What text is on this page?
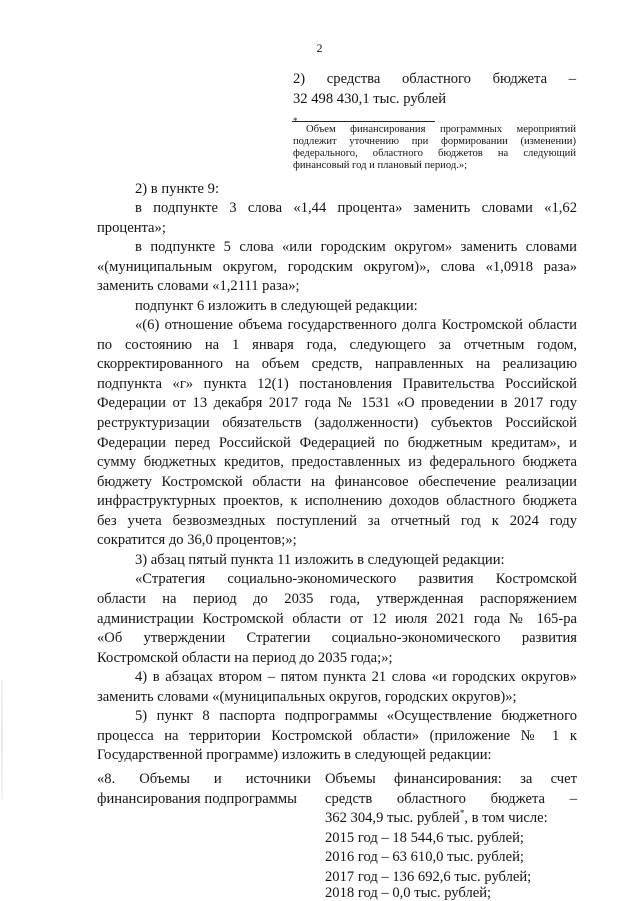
2

2) средства областного бюджета –

32 498 430,1 тыс. рублей

*

Объем финансирования программных мероприятий

подлежит уточнению при формировании (изменении)

федерального, областного бюджетов на следующий

финансовый год и плановый период.»;

2) в пункте 9:

в подпункте 3 слова «1,44 процента» заменить словами «1,62

процента»;

в подпункте 5 слова «или городским округом» заменить словами

«(муниципальным округом, городским округом)», слова «1,0918 раза»

заменить словами «1,2111 раза»;

подпункт 6 изложить в следующей редакции:

«(6) отношение объема государственного долга Костромской области

по состоянию на 1 января года, следующего за отчетным годом,

скорректированного на объем средств, направленных на реализацию

подпункта «г» пункта 12(1) постановления Правительства Российской

Федерации от 13 декабря 2017 года № 1531 «О проведении в 2017 году

реструктуризации обязательств (задолженности) субъектов Российской

Федерации перед Российской Федерацией по бюджетным кредитам», и

сумму бюджетных кредитов, предоставленных из федерального бюджета

бюджету Костромской области на финансовое обеспечение реализации

инфраструктурных проектов, к исполнению доходов областного бюджета

без учета безвозмездных поступлений за отчетный год к 2024 году

сократится до 36,0 процентов;»;

3) абзац пятый пункта 11 изложить в следующей редакции:

«Стратегия социально-экономического развития Костромской

области на период до 2035 года, утвержденная распоряжением

администрации Костромской области от 12 июля 2021 года № 165-ра

«Об утверждении Стратегии социально-экономического развития

Костромской области на период до 2035 года;»;

4) в абзацах втором – пятом пункта 21 слова «и городских округов»

заменить словами «(муниципальных округов, городских округов)»;

5) пункт 8 паспорта подпрограммы «Осуществление бюджетного

процесса на территории Костромской области» (приложение № 1 к

Государственной программе) изложить в следующей редакции:

«8. Объемы и источники

финансирования подпрограммы

Объемы финансирования: за счет

средств областного бюджета –

362 304,9 тыс. рублей*, в том числе:

2015 год – 18 544,6 тыс. рублей;

2016 год – 63 610,0 тыс. рублей;

2017 год – 136 692,6 тыс. рублей;

2018 год – 0,0 тыс. рублей;
